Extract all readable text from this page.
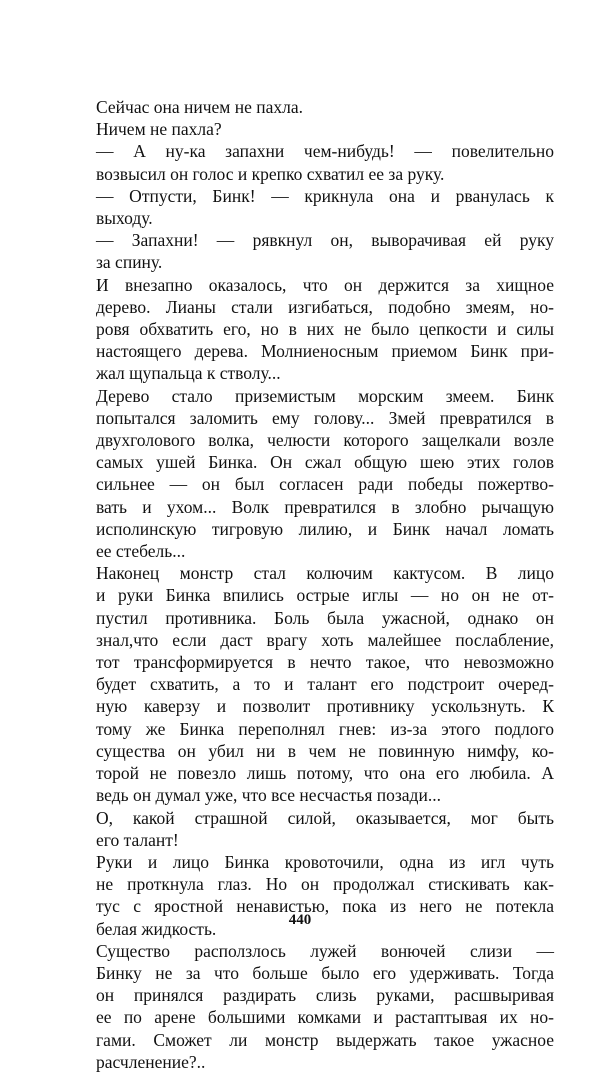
Сейчас она ничем не пахла.

Ничем не пахла?

— А ну-ка запахни чем-нибудь! — повелительно
возвысил он голос и крепко схватил ее за руку.

— Отпусти, Бинк! — крикнула она и рванулась к
выходу.

— Запахни! — рявкнул он, выворачивая ей руку
за спину.

И внезапно оказалось, что он держится за хищное
дерево. Лианы стали изгибаться, подобно змеям, но-
ровя обхватить его, но в них не было цепкости и силы
настоящего дерева. Молниеносным приемом Бинк при-
жал щупальца к стволу...

Дерево стало приземистым морским змеем. Бинк
попытался заломить ему голову... Змей превратился в
двухголового волка, челюсти которого защелкали возле
самых ушей Бинка. Он сжал общую шею этих голов
сильнее — он был согласен ради победы пожертво-
вать и ухом... Волк превратился в злобно рычащую
исполинскую тигровую лилию, и Бинк начал ломать
ее стебель...

Наконец монстр стал колючим кактусом. В лицо
и руки Бинка впились острые иглы — но он не от-
пустил противника. Боль была ужасной, однако он
знал,что если даст врагу хоть малейшее послабление,
тот трансформируется в нечто такое, что невозможно
будет схватить, а то и талант его подстроит очеред-
ную каверзу и позволит противнику ускользнуть. К
тому же Бинка переполнял гнев: из-за этого подлого
существа он убил ни в чем не повинную нимфу, ко-
торой не повезло лишь потому, что она его любила. А
ведь он думал уже, что все несчастья позади...

О, какой страшной силой, оказывается, мог быть
его талант!

Руки и лицо Бинка кровоточили, одна из игл чуть
не проткнула глаз. Но он продолжал стискивать как-
тус с яростной ненавистью, пока из него не потекла
белая жидкость.

Существо расползлось лужей вонючей слизи —
Бинку не за что больше было его удерживать. Тогда
он принялся раздирать слизь руками, расшвыривая
ее по арене большими комками и растаптывая их но-
гами. Сможет ли монстр выдержать такое ужасное
расчленение?..

440
